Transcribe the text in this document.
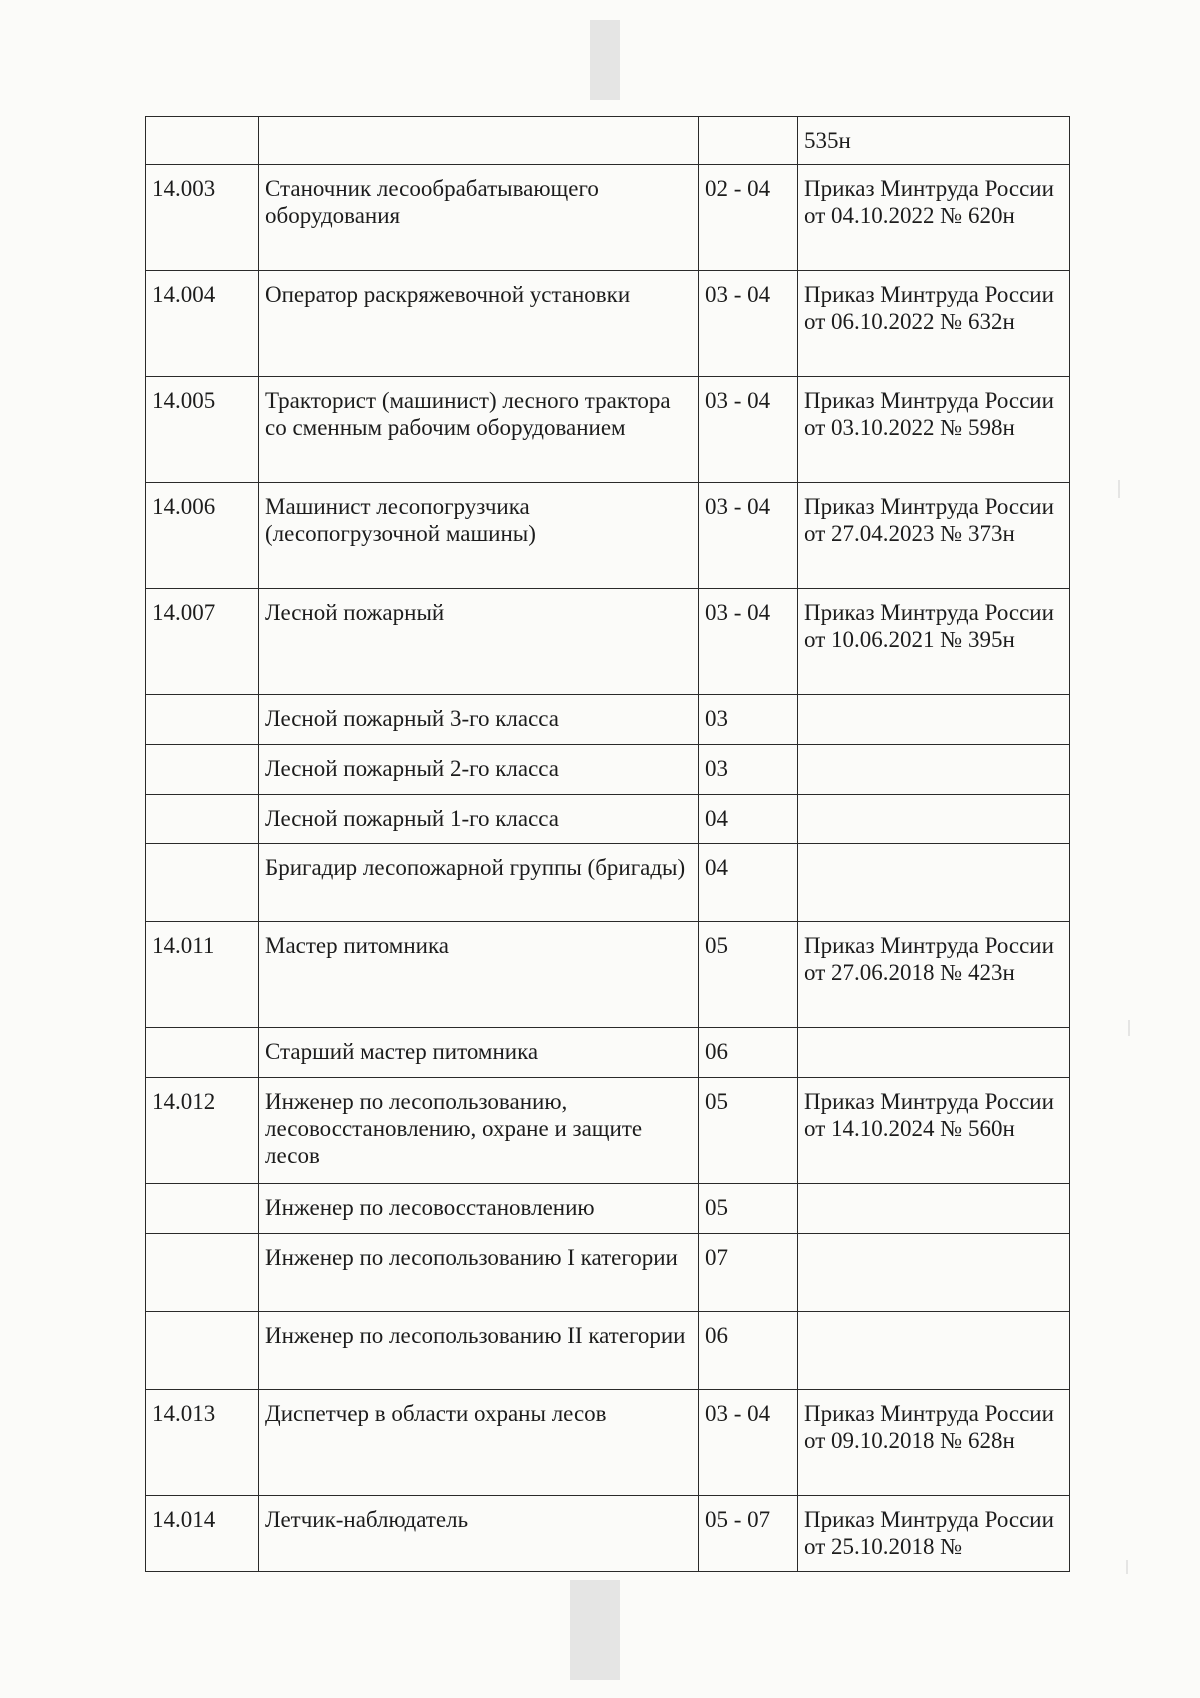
			535н
14.003	Станочник лесообрабатывающего оборудования	02 - 04	Приказ Минтруда России от 04.10.2022 № 620н
14.004	Оператор раскряжевочной установки	03 - 04	Приказ Минтруда России от 06.10.2022 № 632н
14.005	Тракторист (машинист) лесного трактора со сменным рабочим оборудованием	03 - 04	Приказ Минтруда России от 03.10.2022 № 598н
14.006	Машинист лесопогрузчика (лесопогрузочной машины)	03 - 04	Приказ Минтруда России от 27.04.2023 № 373н
14.007	Лесной пожарный	03 - 04	Приказ Минтруда России от 10.06.2021 № 395н
	Лесной пожарный 3-го класса	03	
	Лесной пожарный 2-го класса	03	
	Лесной пожарный 1-го класса	04	
	Бригадир лесопожарной группы (бригады)	04	
14.011	Мастер питомника	05	Приказ Минтруда России от 27.06.2018 № 423н
	Старший мастер питомника	06	
14.012	Инженер по лесопользованию, лесовосстановлению, охране и защите лесов	05	Приказ Минтруда России от 14.10.2024 № 560н
	Инженер по лесовосстановлению	05	
	Инженер по лесопользованию I категории	07	
	Инженер по лесопользованию II категории	06	
14.013	Диспетчер в области охраны лесов	03 - 04	Приказ Минтруда России от 09.10.2018 № 628н
14.014	Летчик-наблюдатель	05 - 07	Приказ Минтруда России от 25.10.2018 №
